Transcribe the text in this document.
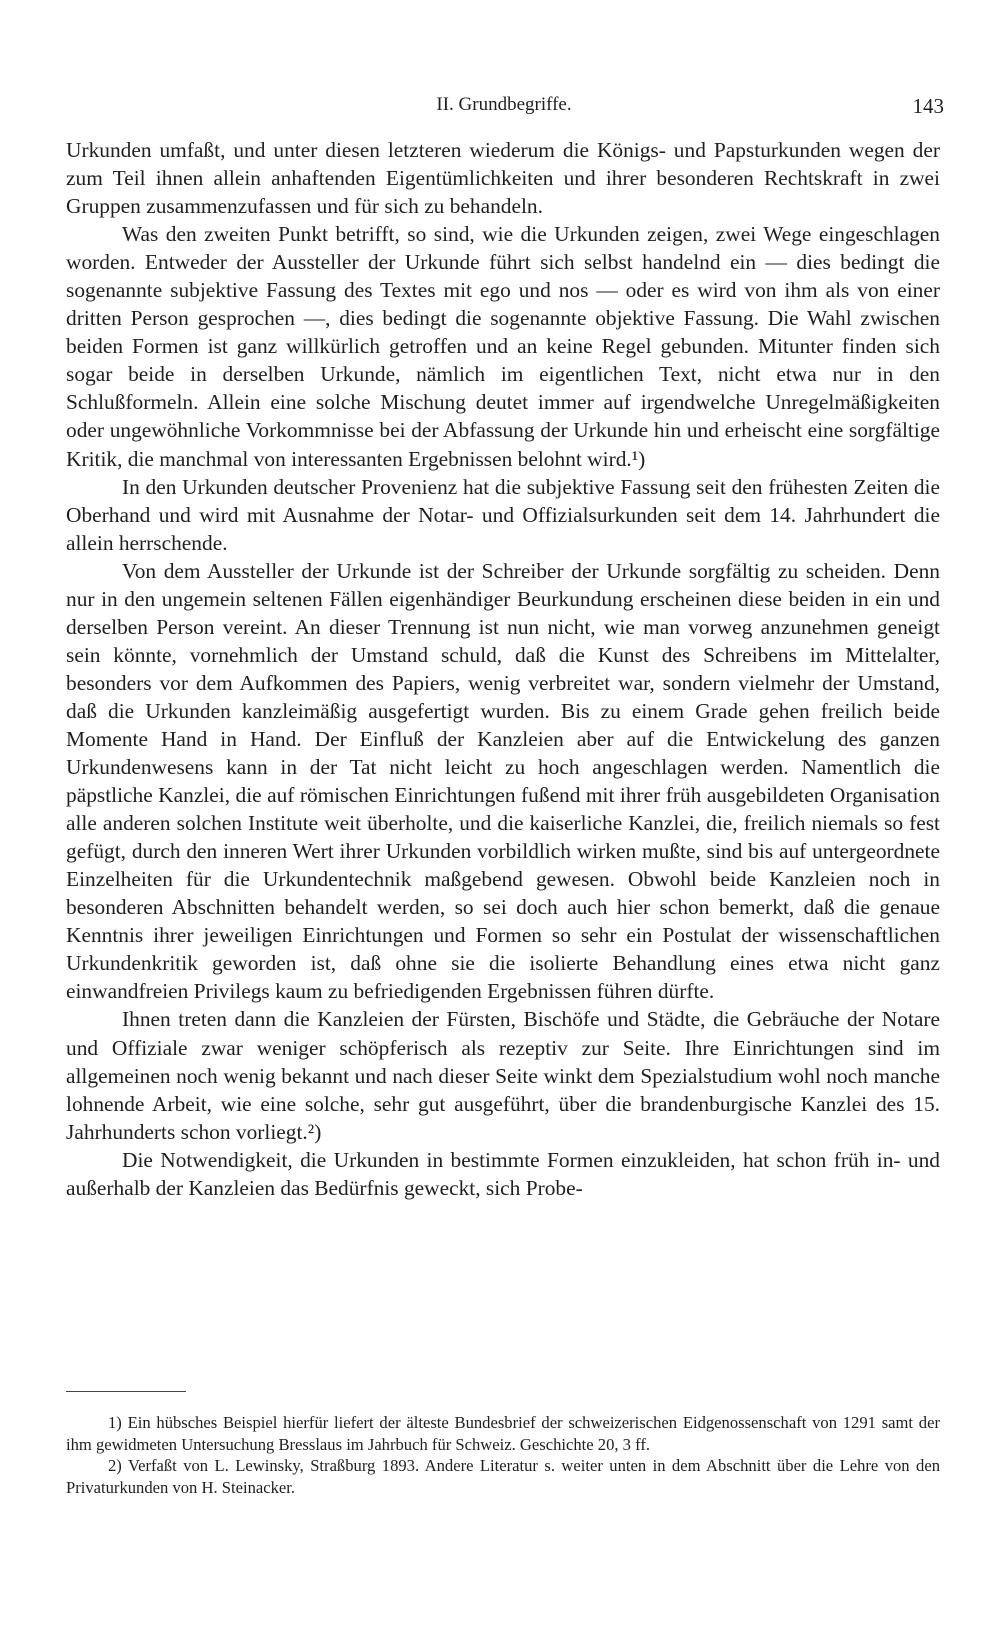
II. Grundbegriffe.	143

Urkunden umfaßt, und unter diesen letzteren wiederum die Königs- und Papsturkunden wegen der zum Teil ihnen allein anhaftenden Eigentümlichkeiten und ihrer besonderen Rechtskraft in zwei Gruppen zusammenzufassen und für sich zu behandeln.

Was den zweiten Punkt betrifft, so sind, wie die Urkunden zeigen, zwei Wege eingeschlagen worden. Entweder der Aussteller der Urkunde führt sich selbst handelnd ein — dies bedingt die sogenannte subjektive Fassung des Textes mit ego und nos — oder es wird von ihm als von einer dritten Person gesprochen —, dies bedingt die sogenannte objektive Fassung. Die Wahl zwischen beiden Formen ist ganz willkürlich getroffen und an keine Regel gebunden. Mitunter finden sich sogar beide in derselben Urkunde, nämlich im eigentlichen Text, nicht etwa nur in den Schlußformeln. Allein eine solche Mischung deutet immer auf irgendwelche Unregelmäßigkeiten oder ungewöhnliche Vorkommnisse bei der Abfassung der Urkunde hin und erheischt eine sorgfältige Kritik, die manchmal von interessanten Ergebnissen belohnt wird.¹)

In den Urkunden deutscher Provenienz hat die subjektive Fassung seit den frühesten Zeiten die Oberhand und wird mit Ausnahme der Notar- und Offizialsurkunden seit dem 14. Jahrhundert die allein herrschende.

Von dem Aussteller der Urkunde ist der Schreiber der Urkunde sorgfältig zu scheiden. Denn nur in den ungemein seltenen Fällen eigenhändiger Beurkundung erscheinen diese beiden in ein und derselben Person vereint. An dieser Trennung ist nun nicht, wie man vorweg anzunehmen geneigt sein könnte, vornehmlich der Umstand schuld, daß die Kunst des Schreibens im Mittelalter, besonders vor dem Aufkommen des Papiers, wenig verbreitet war, sondern vielmehr der Umstand, daß die Urkunden kanzleimäßig ausgefertigt wurden. Bis zu einem Grade gehen freilich beide Momente Hand in Hand. Der Einfluß der Kanzleien aber auf die Entwickelung des ganzen Urkundenwesens kann in der Tat nicht leicht zu hoch angeschlagen werden. Namentlich die päpstliche Kanzlei, die auf römischen Einrichtungen fußend mit ihrer früh ausgebildeten Organisation alle anderen solchen Institute weit überholte, und die kaiserliche Kanzlei, die, freilich niemals so fest gefügt, durch den inneren Wert ihrer Urkunden vorbildlich wirken mußte, sind bis auf untergeordnete Einzelheiten für die Urkundentechnik maßgebend gewesen. Obwohl beide Kanzleien noch in besonderen Abschnitten behandelt werden, so sei doch auch hier schon bemerkt, daß die genaue Kenntnis ihrer jeweiligen Einrichtungen und Formen so sehr ein Postulat der wissenschaftlichen Urkundenkritik geworden ist, daß ohne sie die isolierte Behandlung eines etwa nicht ganz einwandfreien Privilegs kaum zu befriedigenden Ergebnissen führen dürfte.

Ihnen treten dann die Kanzleien der Fürsten, Bischöfe und Städte, die Gebräuche der Notare und Offiziale zwar weniger schöpferisch als rezeptiv zur Seite. Ihre Einrichtungen sind im allgemeinen noch wenig bekannt und nach dieser Seite winkt dem Spezialstudium wohl noch manche lohnende Arbeit, wie eine solche, sehr gut ausgeführt, über die brandenburgische Kanzlei des 15. Jahrhunderts schon vorliegt.²)

Die Notwendigkeit, die Urkunden in bestimmte Formen einzukleiden, hat schon früh in- und außerhalb der Kanzleien das Bedürfnis geweckt, sich Probe-

1) Ein hübsches Beispiel hierfür liefert der älteste Bundesbrief der schweizerischen Eidgenossenschaft von 1291 samt der ihm gewidmeten Untersuchung Bresslaus im Jahrbuch für Schweiz. Geschichte 20, 3 ff.

2) Verfaßt von L. Lewinsky, Straßburg 1893. Andere Literatur s. weiter unten in dem Abschnitt über die Lehre von den Privaturkunden von H. Steinacker.
